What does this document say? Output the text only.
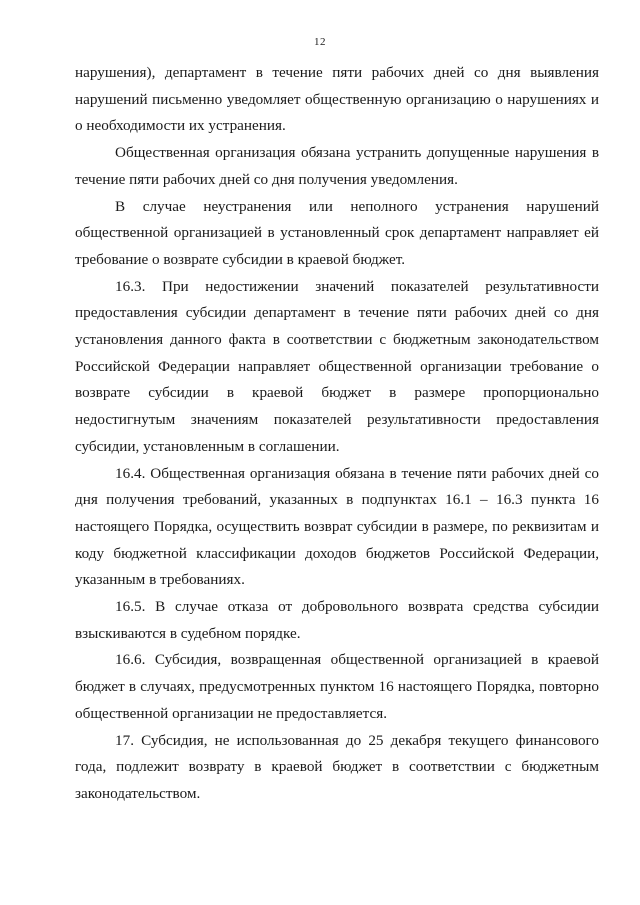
12

нарушения), департамент в течение пяти рабочих дней со дня выявления нарушений письменно уведомляет общественную организацию о нарушениях и о необходимости их устранения.

Общественная организация обязана устранить допущенные нарушения в течение пяти рабочих дней со дня получения уведомления.

В случае неустранения или неполного устранения нарушений общественной организацией в установленный срок департамент направляет ей требование о возврате субсидии в краевой бюджет.

16.3. При недостижении значений показателей результативности предоставления субсидии департамент в течение пяти рабочих дней со дня установления данного факта в соответствии с бюджетным законодательством Российской Федерации направляет общественной организации требование о возврате субсидии в краевой бюджет в размере пропорционально недостигнутым значениям показателей результативности предоставления субсидии, установленным в соглашении.

16.4. Общественная организация обязана в течение пяти рабочих дней со дня получения требований, указанных в подпунктах 16.1 – 16.3 пункта 16 настоящего Порядка, осуществить возврат субсидии в размере, по реквизитам и коду бюджетной классификации доходов бюджетов Российской Федерации, указанным в требованиях.

16.5. В случае отказа от добровольного возврата средства субсидии взыскиваются в судебном порядке.

16.6. Субсидия, возвращенная общественной организацией в краевой бюджет в случаях, предусмотренных пунктом 16 настоящего Порядка, повторно общественной организации не предоставляется.

17. Субсидия, не использованная до 25 декабря текущего финансового года, подлежит возврату в краевой бюджет в соответствии с бюджетным законодательством.
